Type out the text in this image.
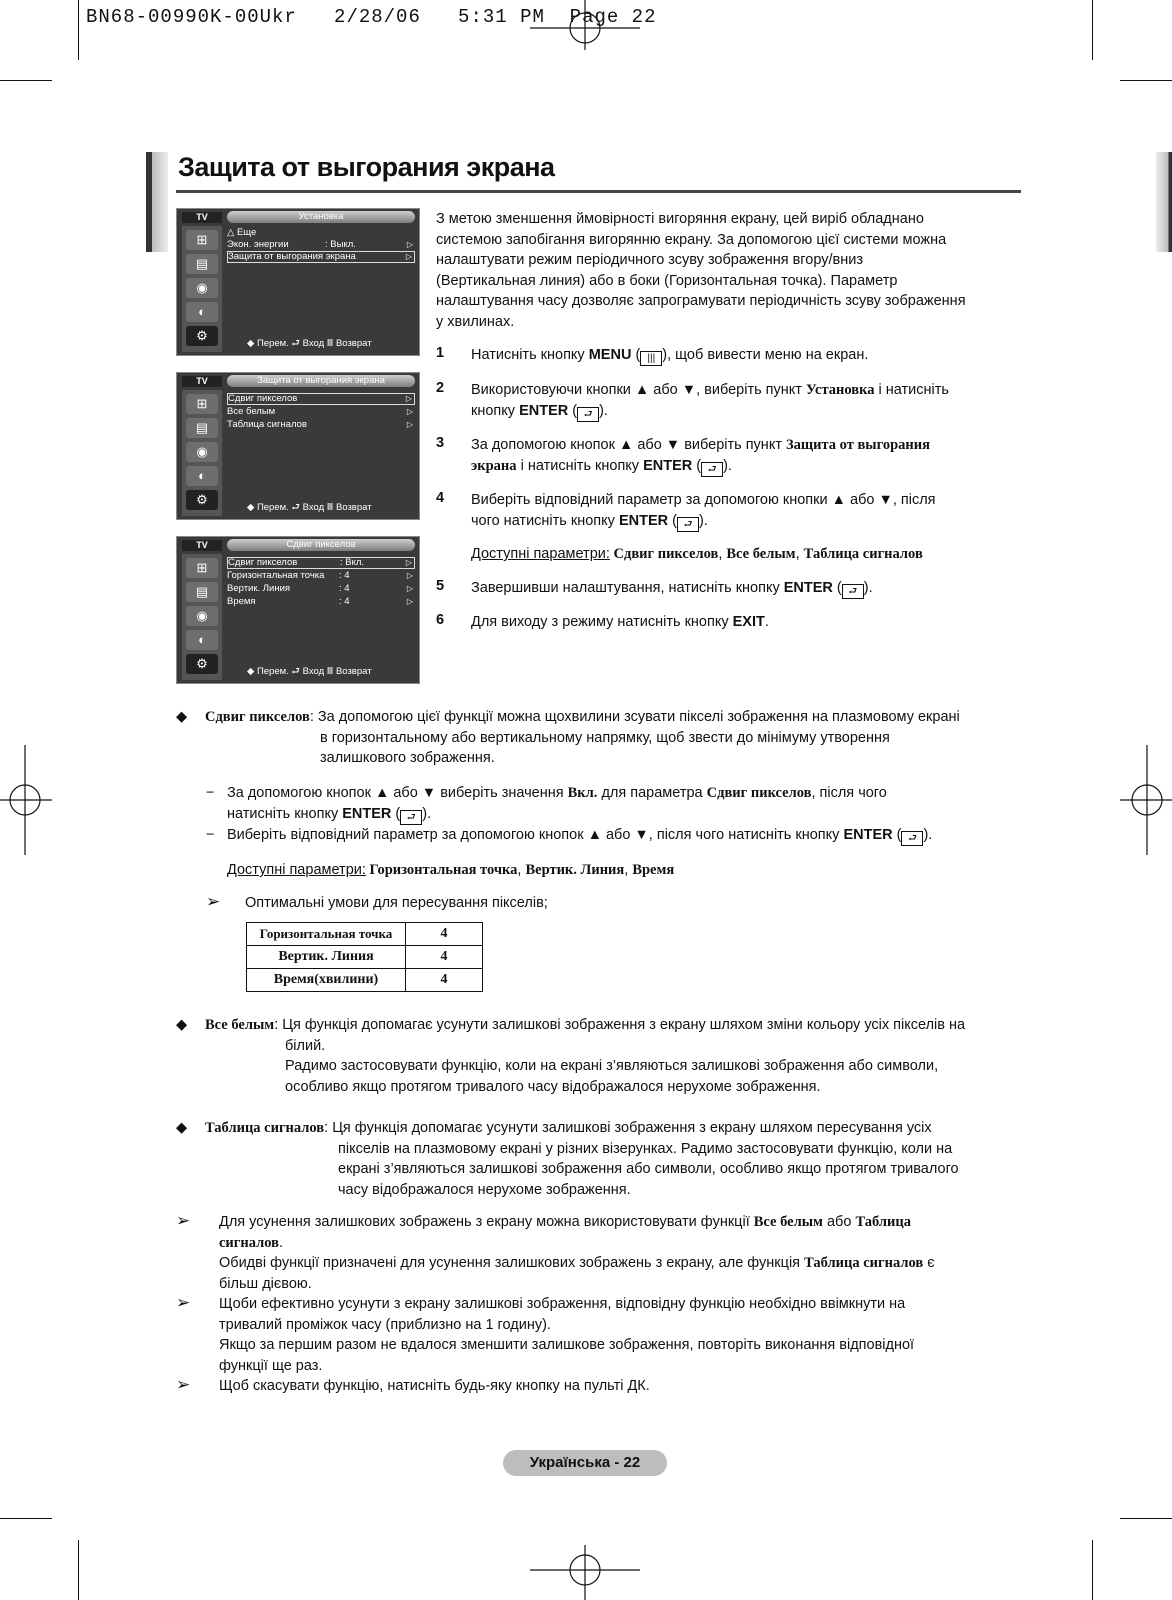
BN68-00990K-00Ukr   2/28/06   5:31 PM  Page 22
Защита от выгорания экрана
TV	Установка
⊞
▤
◉
◐
⚙
△ Еще
Экон. энергии	: Выкл.	▷
Защита от выгорания экрана	▷
◆ Перем. ⮐ Вход Ⅲ Возврат
TV	Защита от выгорания экрана
⊞
▤
◉
◐
⚙
Сдвиг пикселов	▷
Все белым	▷
Таблица сигналов	▷
◆ Перем. ⮐ Вход Ⅲ Возврат
TV	Сдвиг пикселов
⊞
▤
◉
◐
⚙
Сдвиг пикселов	: Вкл.	▷
Горизонтальная точка : 4	▷
Вертик. Линия	: 4	▷
Время	: 4	▷
◆ Перем. ⮐ Вход Ⅲ Возврат
З метою зменшення ймовірності вигоряння екрану, цей виріб обладнано
системою запобігання вигорянню екрану. За допомогою цієї системи можна
налаштувати режим періодичного зсуву зображення вгору/вниз
(Вертикальная линия) або в боки (Горизонтальная точка). Параметр
налаштування часу дозволяє запрограмувати періодичність зсуву зображення
у хвилинах.
1 Натисніть кнопку MENU ( ||| ), щоб вивести меню на екран.
2 Використовуючи кнопки ▲ або ▼, виберіть пункт Установка і натисніть
кнопку ENTER ( ⮐ ).
3 За допомогою кнопок ▲ або ▼ виберіть пункт Защита от выгорания
экрана і натисніть кнопку ENTER ( ⮐ ).
4 Виберіть відповідний параметр за допомогою кнопки ▲ або ▼, після
чого натисніть кнопку ENTER ( ⮐ ).
Доступні параметри: Сдвиг пикселов, Все белым, Таблица сигналов
5 Завершивши налаштування, натисніть кнопку ENTER ( ⮐ ).
6 Для виходу з режиму натисніть кнопку EXIT.
◆ Сдвиг пикселов: За допомогою цієї функції можна щохвилини зсувати пікселі зображення на плазмовому екрані
в горизонтальному або вертикальному напрямку, щоб звести до мінімуму утворення
залишкового зображення.
− За допомогою кнопок ▲ або ▼ виберіть значення Вкл. для параметра Сдвиг пикселов, після чого
натисніть кнопку ENTER ( ⮐ ).
− Виберіть відповідний параметр за допомогою кнопок ▲ або ▼, після чого натисніть кнопку ENTER ( ⮐ ).
Доступні параметри: Горизонтальная точка, Вертик. Линия, Время
➢ Оптимальні умови для пересування пікселів;
Горизонтальная точка	4
Вертик. Линия	4
Время(хвилини)	4
◆ Все белым: Ця функція допомагає усунути залишкові зображення з екрану шляхом зміни кольору усіх пікселів на
білий.
Радимо застосовувати функцію, коли на екрані з’являються залишкові зображення або символи,
особливо якщо протягом тривалого часу відображалося нерухоме зображення.
◆ Таблица сигналов: Ця функція допомагає усунути залишкові зображення з екрану шляхом пересування усіх
пікселів на плазмовому екрані у різних візерунках. Радимо застосовувати функцію, коли на
екрані з’являються залишкові зображення або символи, особливо якщо протягом тривалого
часу відображалося нерухоме зображення.
➢ Для усунення залишкових зображень з екрану можна використовувати функції Все белым або Таблица
сигналов.
Обидві функції призначені для усунення залишкових зображень з екрану, але функція Таблица сигналов є
більш дієвою.
➢ Щоби ефективно усунути з екрану залишкові зображення, відповідну функцію необхідно ввімкнути на
тривалий проміжок часу (приблизно на 1 годину).
Якщо за першим разом не вдалося зменшити залишкове зображення, повторіть виконання відповідної
функції ще раз.
➢ Щоб скасувати функцію, натисніть будь-яку кнопку на пульті ДК.
Українська - 22
